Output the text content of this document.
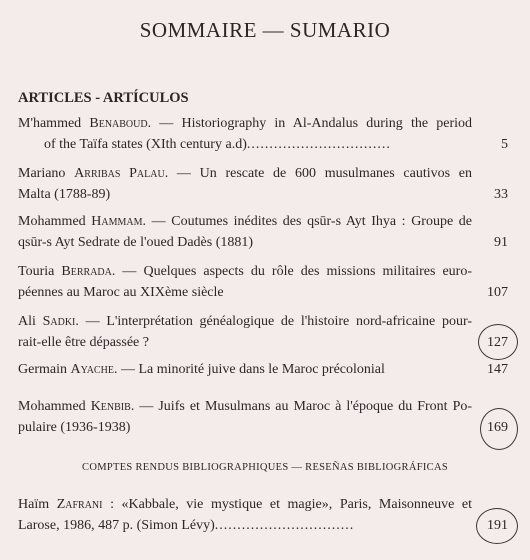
SOMMAIRE — SUMARIO
ARTICLES - ARTÍCULOS
M'hammed Benaboud. — Historiography in Al-Andalus during the period
of the Taïfa states (XIth century a.d)................................	5
Mariano Arribas Palau. — Un rescate de 600 musulmanes cautivos en
Malta (1788-89)	33
Mohammed Hammam. — Coutumes inédites des qsūr-s Ayt Ihya : Groupe de
qsūr-s Ayt Sedrate de l'oued Dadès (1881)	91
Touria Berrada. — Quelques aspects du rôle des missions militaires euro-
péennes au Maroc au XIXème siècle	107
Ali Sadki. — L'interprétation généalogique de l'histoire nord-africaine pour-
rait-elle être dépassée ?	127
Germain Ayache. — La minorité juive dans le Maroc précolonial	147
Mohammed Kenbib. — Juifs et Musulmans au Maroc à l'époque du Front Po-
pulaire (1936-1938)	169
COMPTES RENDUS BIBLIOGRAPHIQUES — RESEÑAS BIBLIOGRÁFICAS
Haïm Zafrani : «Kabbale, vie mystique et magie», Paris, Maisonneuve et
Larose, 1986, 487 p. (Simon Lévy)...............................	191
